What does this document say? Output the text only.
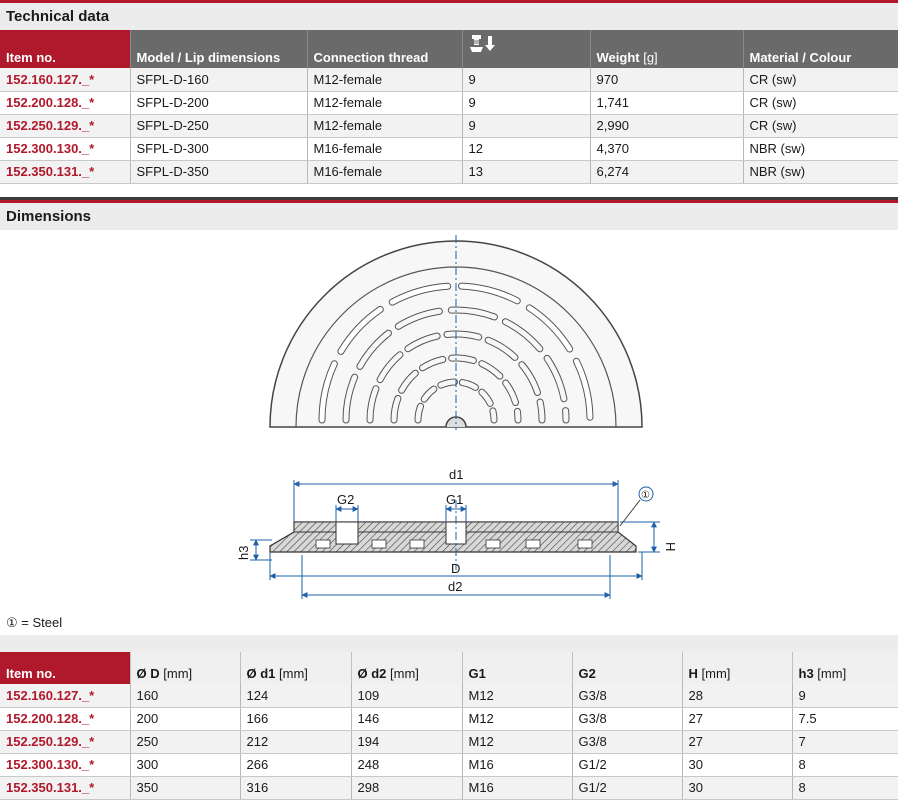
Technical data
Item no.	Model / Lip dimensions	Connection thread		Weight [g]	Material / Colour
152.160.127._*	SFPL-D-160	M12-female	9	970	CR (sw)
152.200.128._*	SFPL-D-200	M12-female	9	1,741	CR (sw)
152.250.129._*	SFPL-D-250	M12-female	9	2,990	CR (sw)
152.300.130._*	SFPL-D-300	M16-female	12	4,370	NBR (sw)
152.350.131._*	SFPL-D-350	M16-female	13	6,274	NBR (sw)
Dimensions
d1
G2	G1	①
H
h3
D
d2
① = Steel
Item no.	Ø D [mm]	Ø d1 [mm]	Ø d2 [mm]	G1	G2	H [mm]	h3 [mm]
152.160.127._*	160	124	109	M12	G3/8	28	9
152.200.128._*	200	166	146	M12	G3/8	27	7.5
152.250.129._*	250	212	194	M12	G3/8	27	7
152.300.130._*	300	266	248	M16	G1/2	30	8
152.350.131._*	350	316	298	M16	G1/2	30	8
